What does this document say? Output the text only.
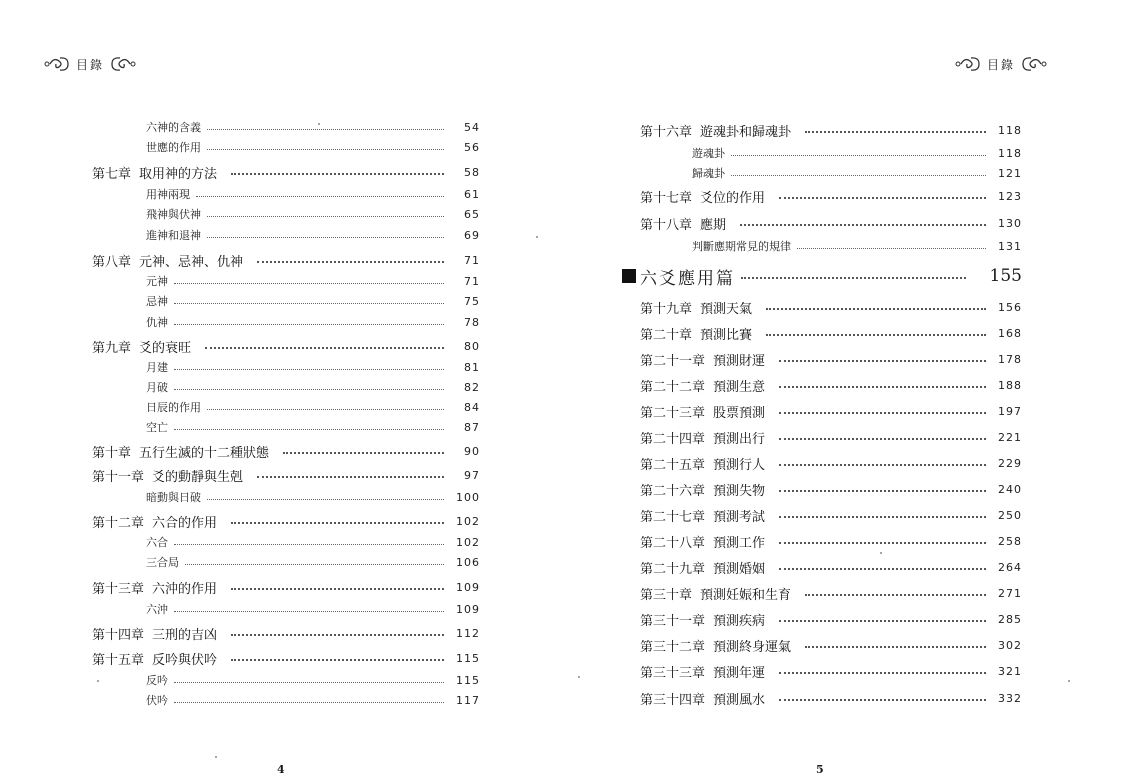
目錄
六神的含義	54
世應的作用	56
第七章 取用神的方法	58
用神兩現	61
飛神與伏神	65
進神和退神	69
第八章 元神、忌神、仇神	71
元神	71
忌神	75
仇神	78
第九章 爻的衰旺	80
月建	81
月破	82
日辰的作用	84
空亡	87
第十章 五行生滅的十二種狀態	90
第十一章 爻的動靜與生剋	97
暗動與日破	100
第十二章 六合的作用	102
六合	102
三合局	106
第十三章 六沖的作用	109
六沖	109
第十四章 三刑的吉凶	112
第十五章 反吟與伏吟	115
反吟	115
伏吟	117
4
目錄
第十六章 遊魂卦和歸魂卦	118
遊魂卦	118
歸魂卦	121
第十七章 爻位的作用	123
第十八章 應期	130
判斷應期常見的規律	131
六爻應用篇	155
第十九章 預測天氣	156
第二十章 預測比賽	168
第二十一章 預測財運	178
第二十二章 預測生意	188
第二十三章 股票預測	197
第二十四章 預測出行	221
第二十五章 預測行人	229
第二十六章 預測失物	240
第二十七章 預測考試	250
第二十八章 預測工作	258
第二十九章 預測婚姻	264
第三十章 預測妊娠和生育	271
第三十一章 預測疾病	285
第三十二章 預測終身運氣	302
第三十三章 預測年運	321
第三十四章 預測風水	332
5
